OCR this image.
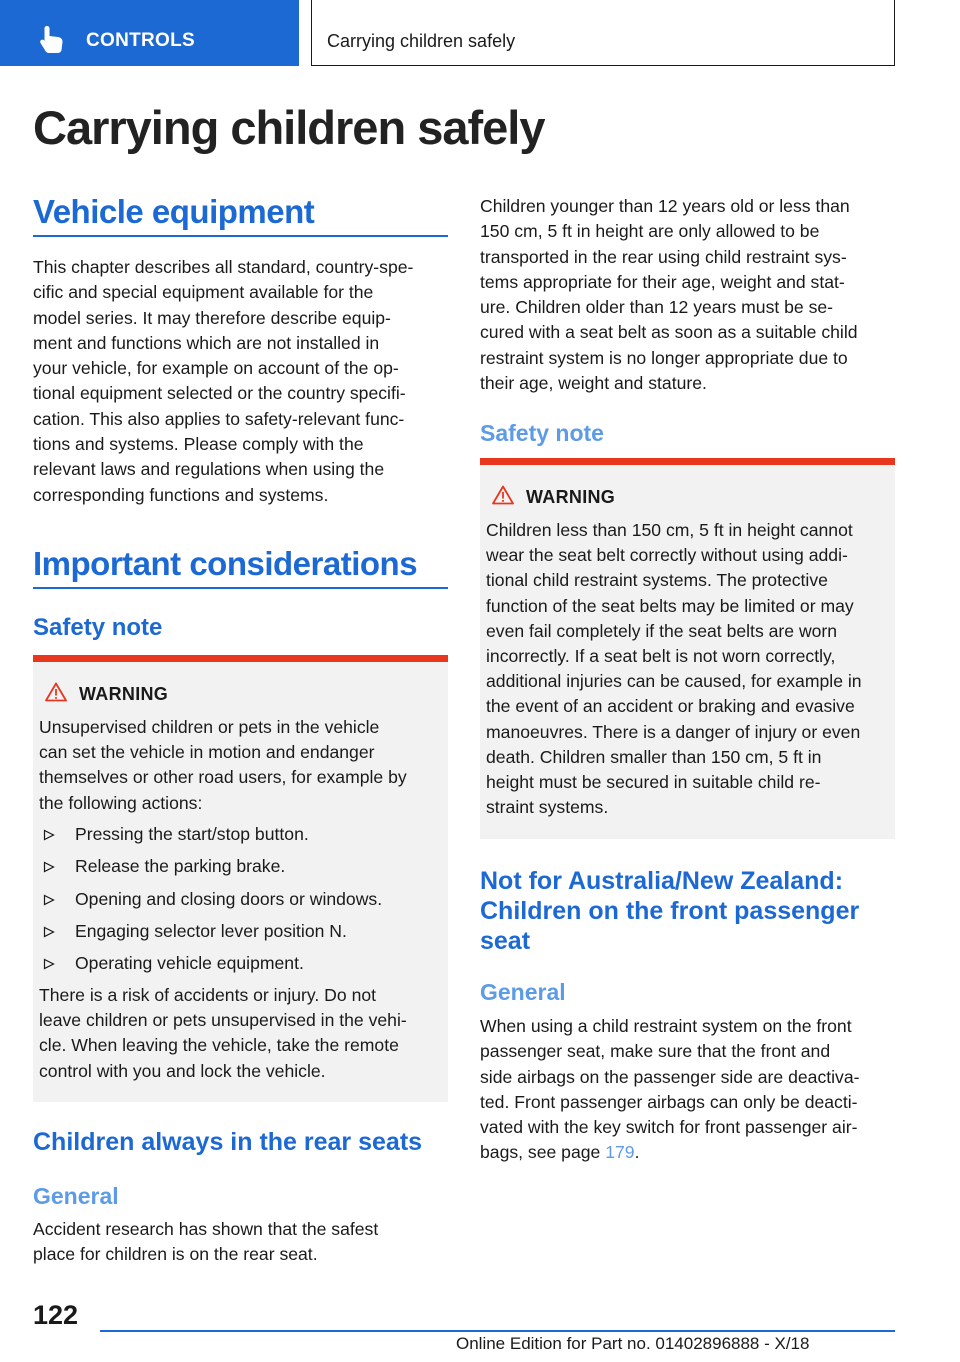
CONTROLS	Carrying children safely
Carrying children safely
Vehicle equipment
This chapter describes all standard, country-spe-
cific and special equipment available for the
model series. It may therefore describe equip-
ment and functions which are not installed in
your vehicle, for example on account of the op-
tional equipment selected or the country specifi-
cation. This also applies to safety-relevant func-
tions and systems. Please comply with the
relevant laws and regulations when using the
corresponding functions and systems.
Important considerations
Safety note
WARNING
Unsupervised children or pets in the vehicle
can set the vehicle in motion and endanger
themselves or other road users, for example by
the following actions:
Pressing the start/stop button.
Release the parking brake.
Opening and closing doors or windows.
Engaging selector lever position N.
Operating vehicle equipment.
There is a risk of accidents or injury. Do not
leave children or pets unsupervised in the vehi-
cle. When leaving the vehicle, take the remote
control with you and lock the vehicle.
Children always in the rear seats
General
Accident research has shown that the safest
place for children is on the rear seat.
Children younger than 12 years old or less than
150 cm, 5 ft in height are only allowed to be
transported in the rear using child restraint sys-
tems appropriate for their age, weight and stat-
ure. Children older than 12 years must be se-
cured with a seat belt as soon as a suitable child
restraint system is no longer appropriate due to
their age, weight and stature.
Safety note
WARNING
Children less than 150 cm, 5 ft in height cannot
wear the seat belt correctly without using addi-
tional child restraint systems. The protective
function of the seat belts may be limited or may
even fail completely if the seat belts are worn
incorrectly. If a seat belt is not worn correctly,
additional injuries can be caused, for example in
the event of an accident or braking and evasive
manoeuvres. There is a danger of injury or even
death. Children smaller than 150 cm, 5 ft in
height must be secured in suitable child re-
straint systems.
Not for Australia/New Zealand:
Children on the front passenger
seat
General
When using a child restraint system on the front
passenger seat, make sure that the front and
side airbags on the passenger side are deactiva-
ted. Front passenger airbags can only be deacti-
vated with the key switch for front passenger air-
bags, see page 179.
122
Online Edition for Part no. 01402896888 - X/18
